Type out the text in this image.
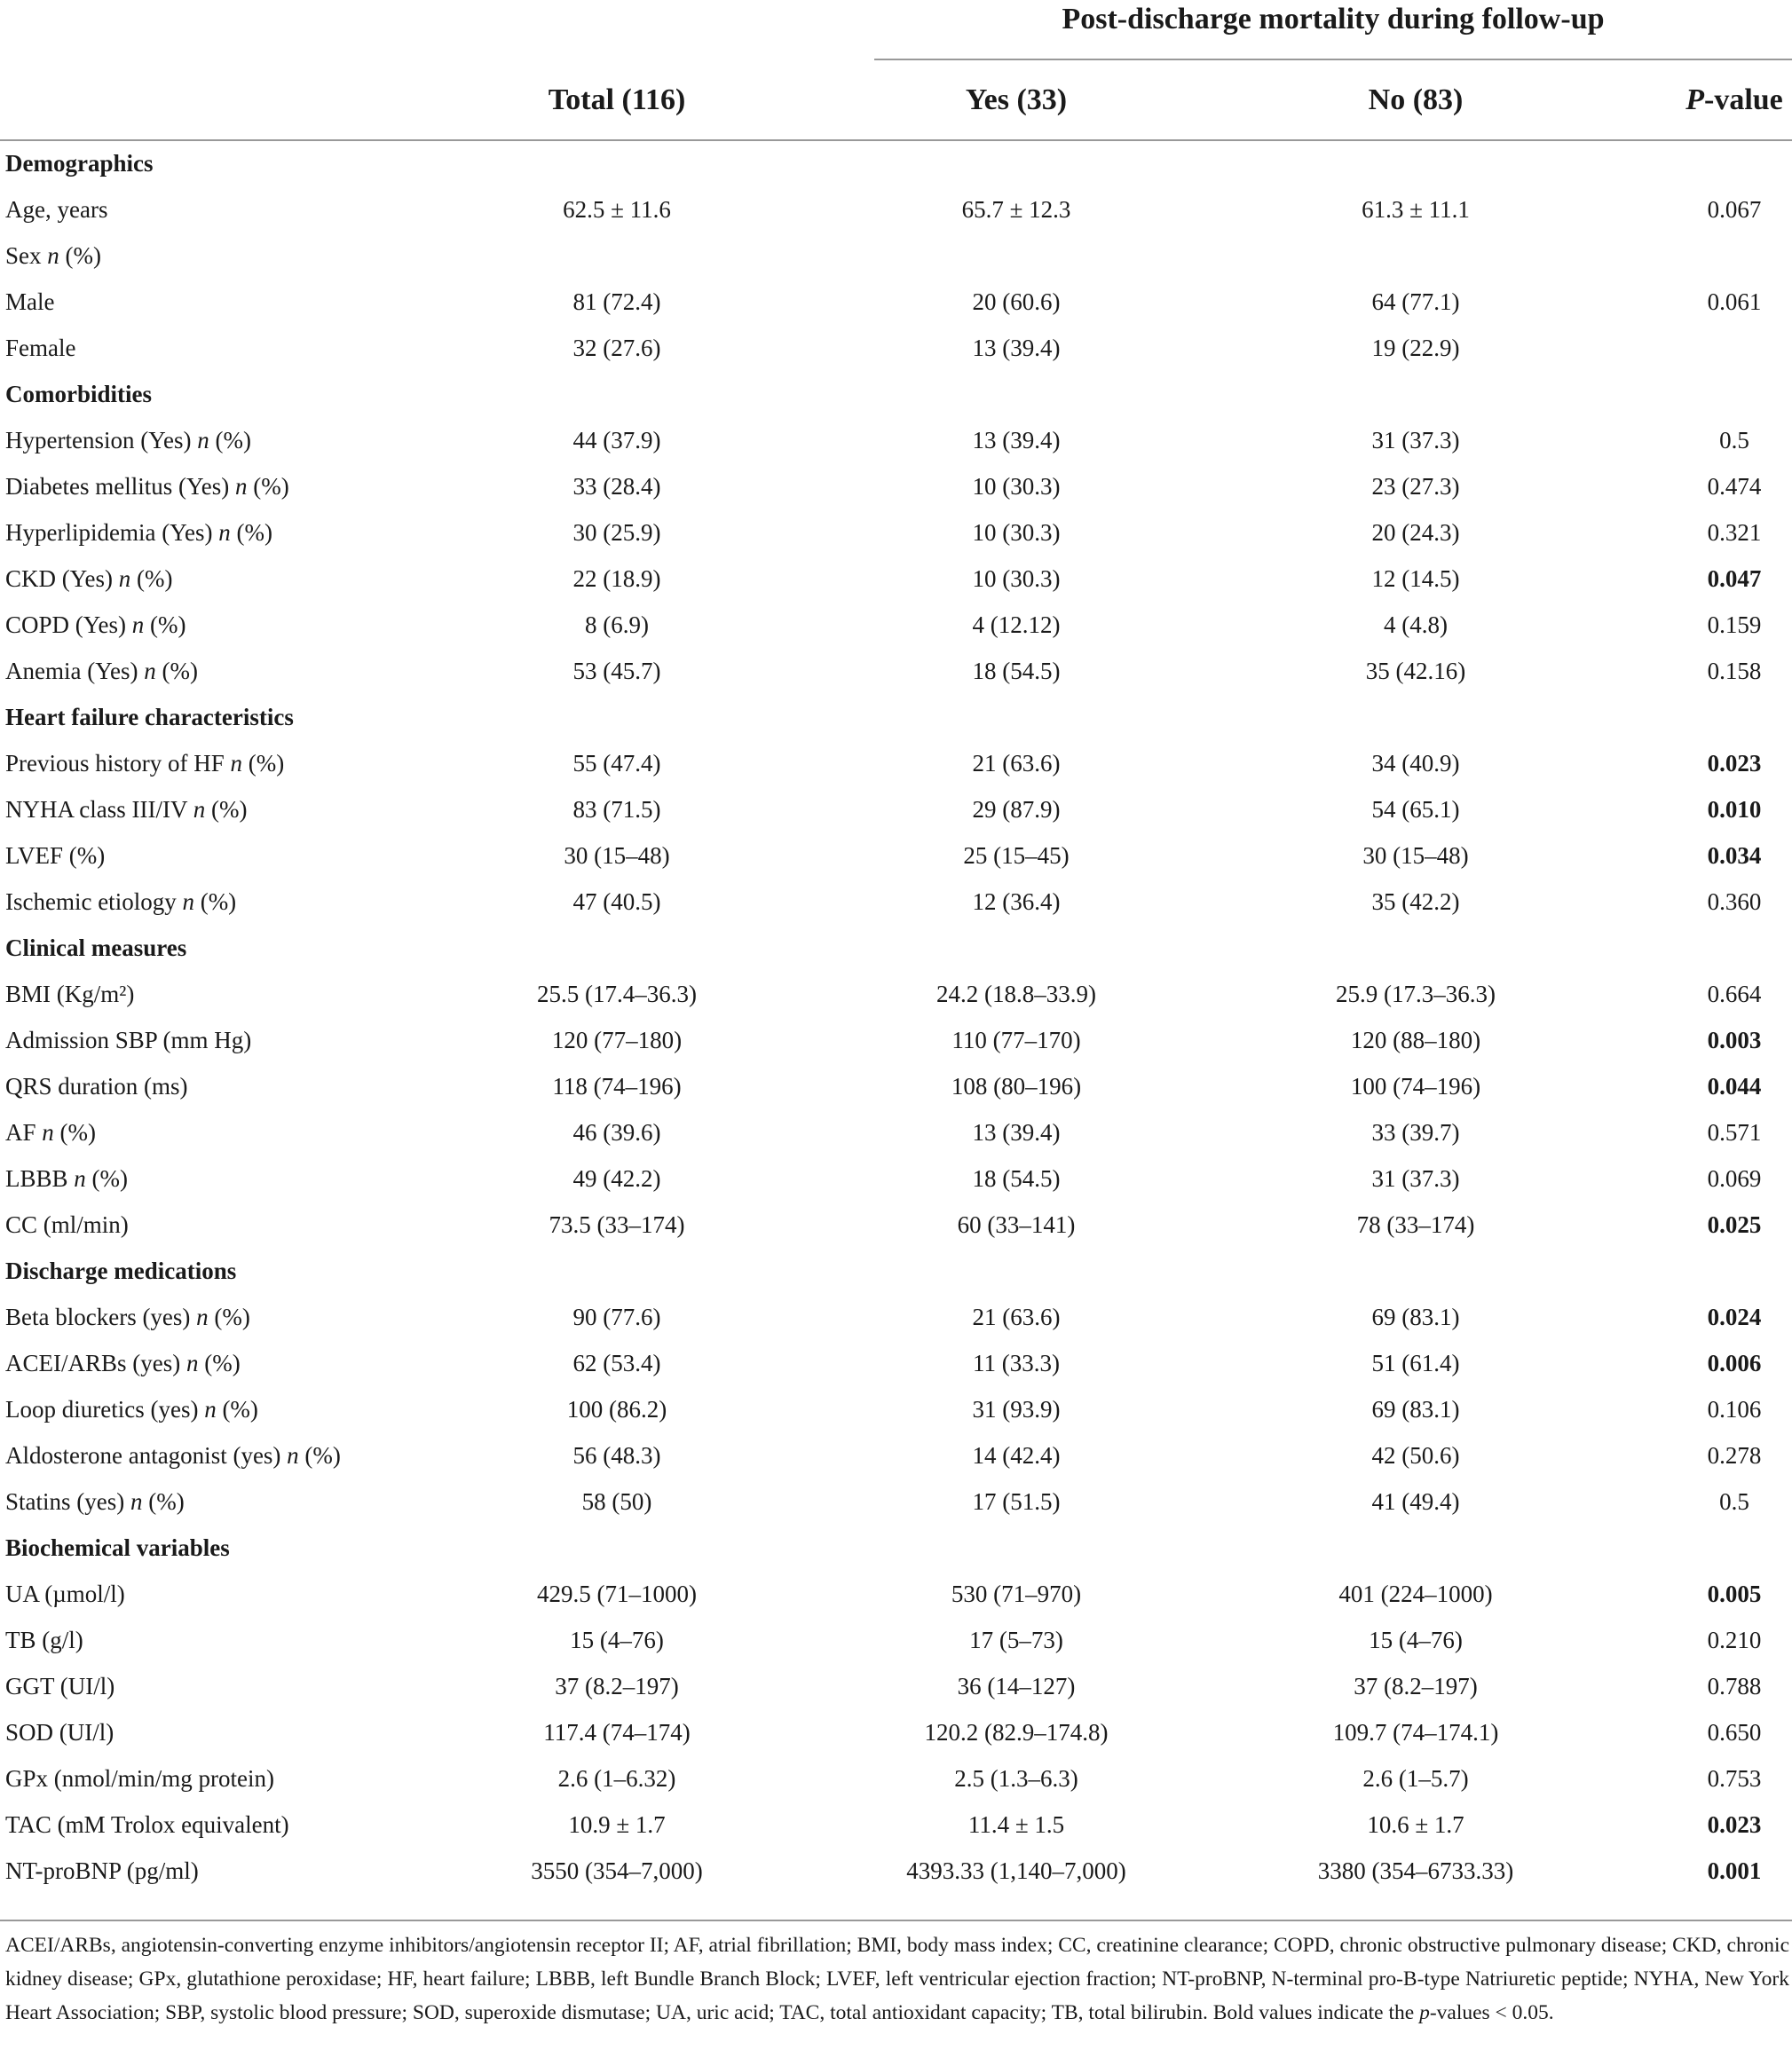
Post-discharge mortality during follow-up
Total (116)	Yes (33)	No (83)	P-value
Demographics
Age, years	62.5 ± 11.6	65.7 ± 12.3	61.3 ± 11.1	0.067
Sex n (%)
Male	81 (72.4)	20 (60.6)	64 (77.1)	0.061
Female	32 (27.6)	13 (39.4)	19 (22.9)
Comorbidities
Hypertension (Yes) n (%)	44 (37.9)	13 (39.4)	31 (37.3)	0.5
Diabetes mellitus (Yes) n (%)	33 (28.4)	10 (30.3)	23 (27.3)	0.474
Hyperlipidemia (Yes) n (%)	30 (25.9)	10 (30.3)	20 (24.3)	0.321
CKD (Yes) n (%)	22 (18.9)	10 (30.3)	12 (14.5)	0.047
COPD (Yes) n (%)	8 (6.9)	4 (12.12)	4 (4.8)	0.159
Anemia (Yes) n (%)	53 (45.7)	18 (54.5)	35 (42.16)	0.158
Heart failure characteristics
Previous history of HF n (%)	55 (47.4)	21 (63.6)	34 (40.9)	0.023
NYHA class III/IV n (%)	83 (71.5)	29 (87.9)	54 (65.1)	0.010
LVEF (%)	30 (15–48)	25 (15–45)	30 (15–48)	0.034
Ischemic etiology n (%)	47 (40.5)	12 (36.4)	35 (42.2)	0.360
Clinical measures
BMI (Kg/m²)	25.5 (17.4–36.3)	24.2 (18.8–33.9)	25.9 (17.3–36.3)	0.664
Admission SBP (mm Hg)	120 (77–180)	110 (77–170)	120 (88–180)	0.003
QRS duration (ms)	118 (74–196)	108 (80–196)	100 (74–196)	0.044
AF n (%)	46 (39.6)	13 (39.4)	33 (39.7)	0.571
LBBB n (%)	49 (42.2)	18 (54.5)	31 (37.3)	0.069
CC (ml/min)	73.5 (33–174)	60 (33–141)	78 (33–174)	0.025
Discharge medications
Beta blockers (yes) n (%)	90 (77.6)	21 (63.6)	69 (83.1)	0.024
ACEI/ARBs (yes) n (%)	62 (53.4)	11 (33.3)	51 (61.4)	0.006
Loop diuretics (yes) n (%)	100 (86.2)	31 (93.9)	69 (83.1)	0.106
Aldosterone antagonist (yes) n (%)	56 (48.3)	14 (42.4)	42 (50.6)	0.278
Statins (yes) n (%)	58 (50)	17 (51.5)	41 (49.4)	0.5
Biochemical variables
UA (µmol/l)	429.5 (71–1000)	530 (71–970)	401 (224–1000)	0.005
TB (g/l)	15 (4–76)	17 (5–73)	15 (4–76)	0.210
GGT (UI/l)	37 (8.2–197)	36 (14–127)	37 (8.2–197)	0.788
SOD (UI/l)	117.4 (74–174)	120.2 (82.9–174.8)	109.7 (74–174.1)	0.650
GPx (nmol/min/mg protein)	2.6 (1–6.32)	2.5 (1.3–6.3)	2.6 (1–5.7)	0.753
TAC (mM Trolox equivalent)	10.9 ± 1.7	11.4 ± 1.5	10.6 ± 1.7	0.023
NT-proBNP (pg/ml)	3550 (354–7,000)	4393.33 (1,140–7,000)	3380 (354–6733.33)	0.001
ACEI/ARBs, angiotensin-converting enzyme inhibitors/angiotensin receptor II; AF, atrial fibrillation; BMI, body mass index; CC, creatinine clearance; COPD, chronic obstructive pulmonary disease; CKD, chronic kidney disease; GPx, glutathione peroxidase; HF, heart failure; LBBB, left Bundle Branch Block; LVEF, left ventricular ejection fraction; NT-proBNP, N-terminal pro-B-type Natriuretic peptide; NYHA, New York Heart Association; SBP, systolic blood pressure; SOD, superoxide dismutase; UA, uric acid; TAC, total antioxidant capacity; TB, total bilirubin. Bold values indicate the p-values < 0.05.
